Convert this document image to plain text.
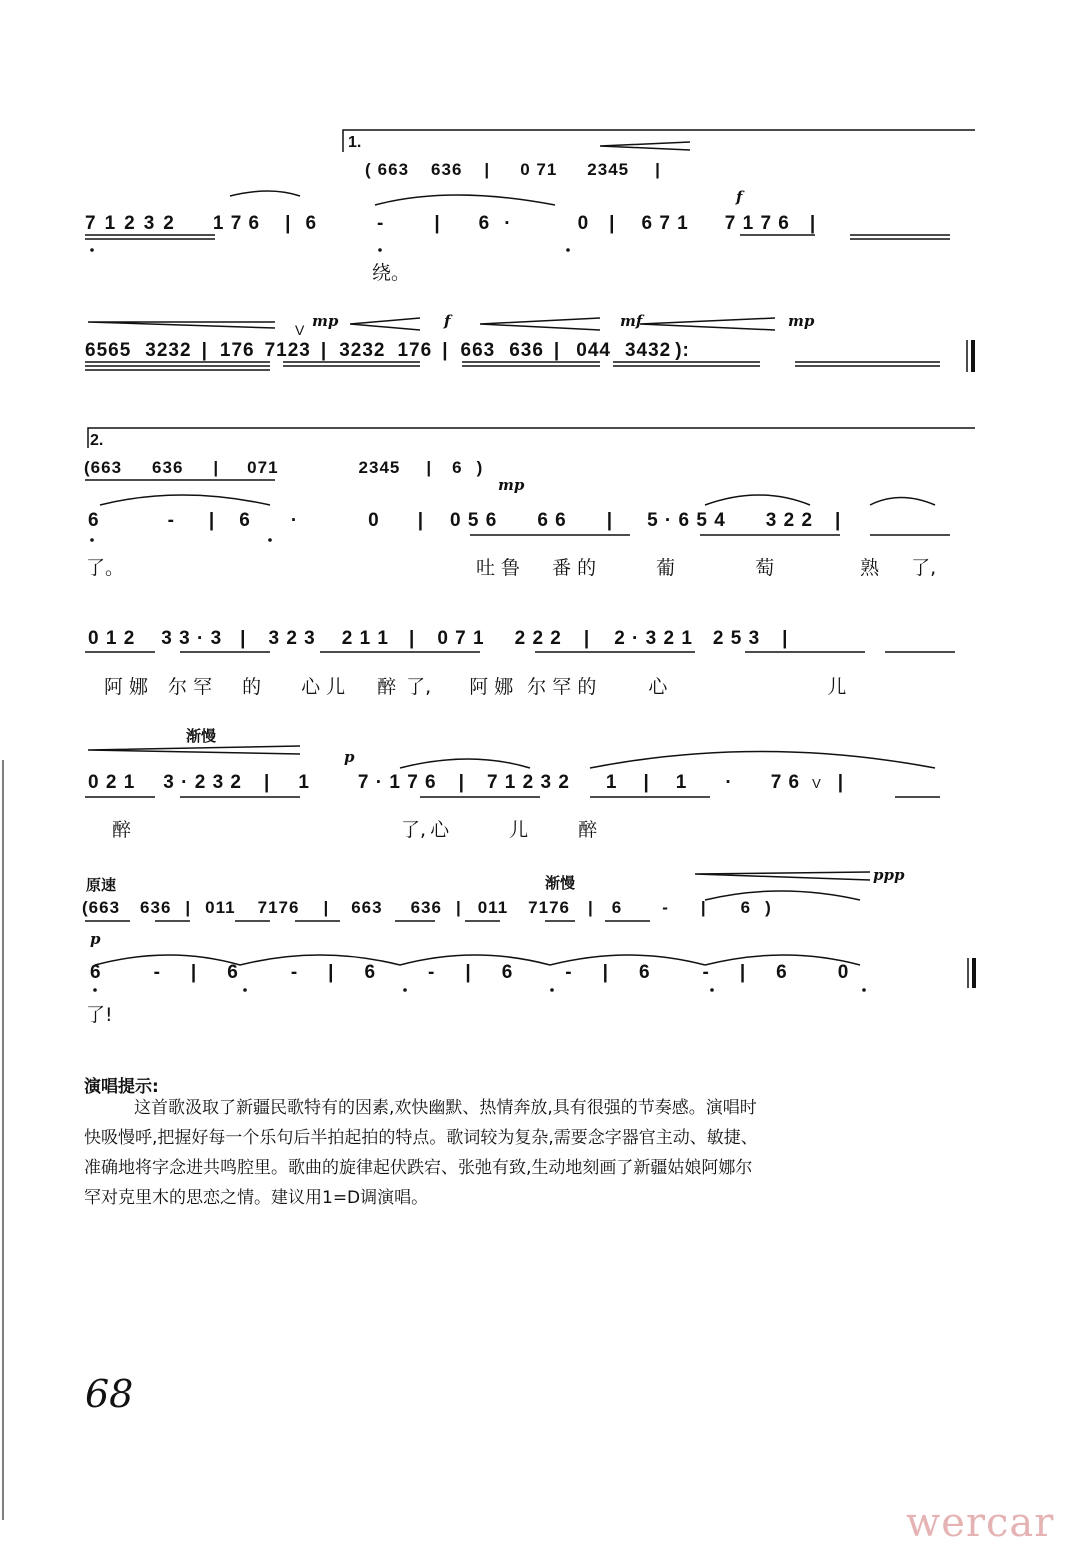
1.
( 663 636 | 0 71 2345 |
f
71232 1 7 6 | 6	-	| 6 ·	0 | 6 7 1 7 1 7 6 |
绕。
V mp	f	mf	mp
6565 3232 | 176 7123 | 3232 176 | 663 636 | 044 3432 ):
2.
(663 636 | 071	2345 | 6 )
mp
6	- | 6 ·	0 | 0 5 6 6 6 | 5 · 6 5 4 3 2 2 |
了。	吐 鲁 番 的	葡	萄	熟 了,
0 1 2 3 3 · 3 | 3 2 3 2 1 1 | 0 7 1 2 2 2 | 2 · 3 2 1 2 5 3 |
阿 娜 尔 罕 的 心 儿 醉 了, 阿 娜 尔 罕 的	心	儿
渐慢
p
0 2 1 3 · 2 3 2 | 1	7 · 1 7 6 | 7 1 2 3 2 1 | 1 · 7 6 V |
醉	了, 心	儿	醉
原速	渐慢	ppp
(663 636 | 011 7176 | 663 636 | 011 7176 | 6 - | 6 )
p
6	- | 6	- | 6	- | 6	- | 6	- | 6	0
了!
演唱提示:
这首歌汲取了新疆民歌特有的因素,欢快幽默、热情奔放,具有很强的节奏感。演唱时
快吸慢呼,把握好每一个乐句后半拍起拍的特点。歌词较为复杂,需要念字器官主动、敏捷、
准确地将字念进共鸣腔里。歌曲的旋律起伏跌宕、张弛有致,生动地刻画了新疆姑娘阿娜尔
罕对克里木的思恋之情。建议用1=D调演唱。
68
wercar
